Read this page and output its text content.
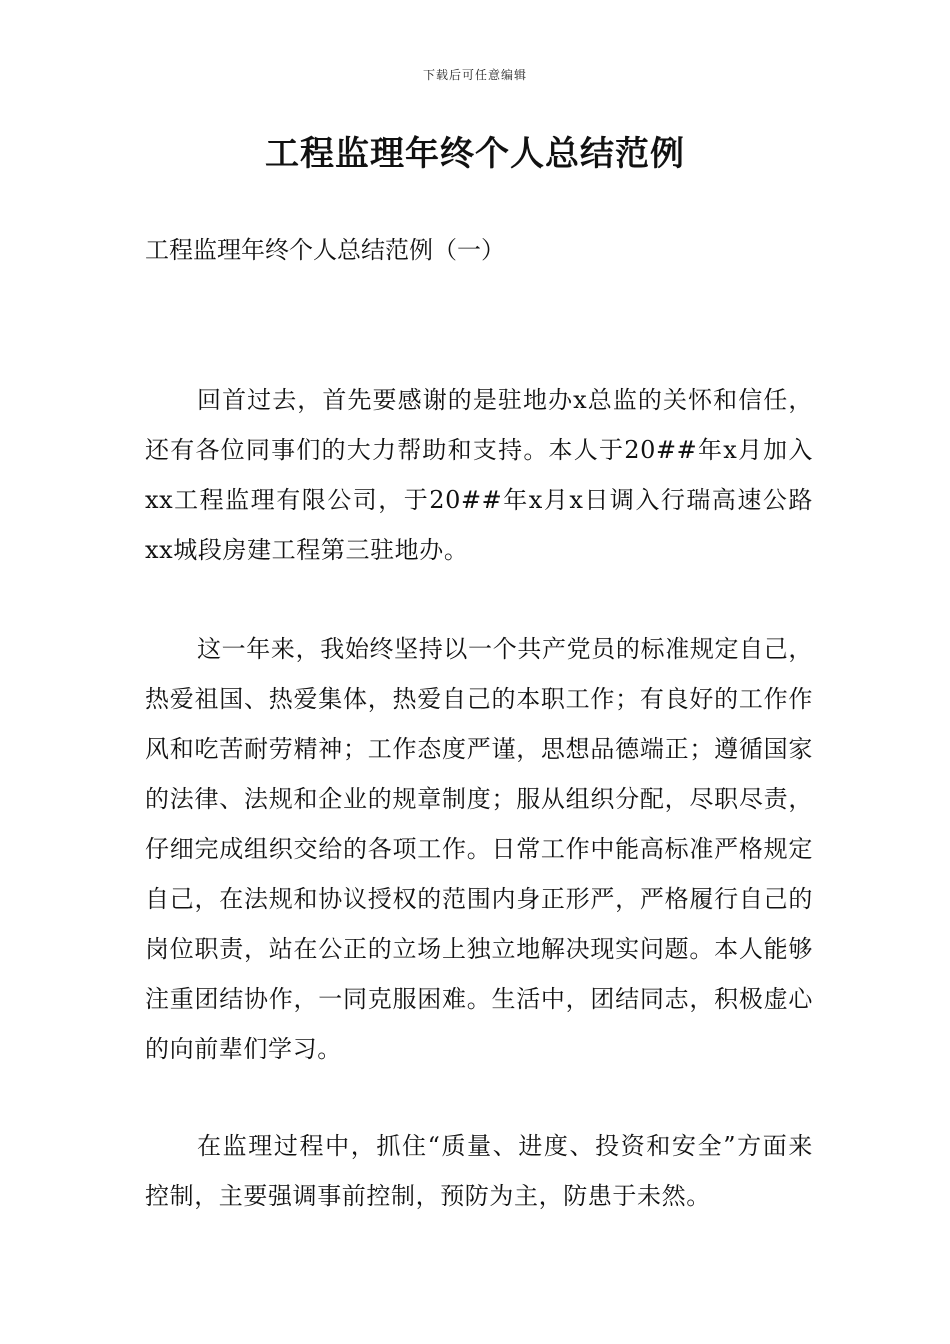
下载后可任意编辑
工程监理年终个人总结范例

工程监理年终个人总结范例（一）

回首过去，首先要感谢的是驻地办x总监的关怀和信任，还有各位同事们的大力帮助和支持。本人于20##年x月加入xx工程监理有限公司，于20##年x月x日调入行瑞高速公路xx城段房建工程第三驻地办。

这一年来，我始终坚持以一个共产党员的标准规定自己，热爱祖国、热爱集体，热爱自己的本职工作；有良好的工作作风和吃苦耐劳精神；工作态度严谨，思想品德端正；遵循国家的法律、法规和企业的规章制度；服从组织分配，尽职尽责，仔细完成组织交给的各项工作。日常工作中能高标准严格规定自己，在法规和协议授权的范围内身正形严，严格履行自己的岗位职责，站在公正的立场上独立地解决现实问题。本人能够注重团结协作，一同克服困难。生活中，团结同志，积极虚心的向前辈们学习。

在监理过程中，抓住“质量、进度、投资和安全”方面来控制，主要强调事前控制，预防为主，防患于未然。
